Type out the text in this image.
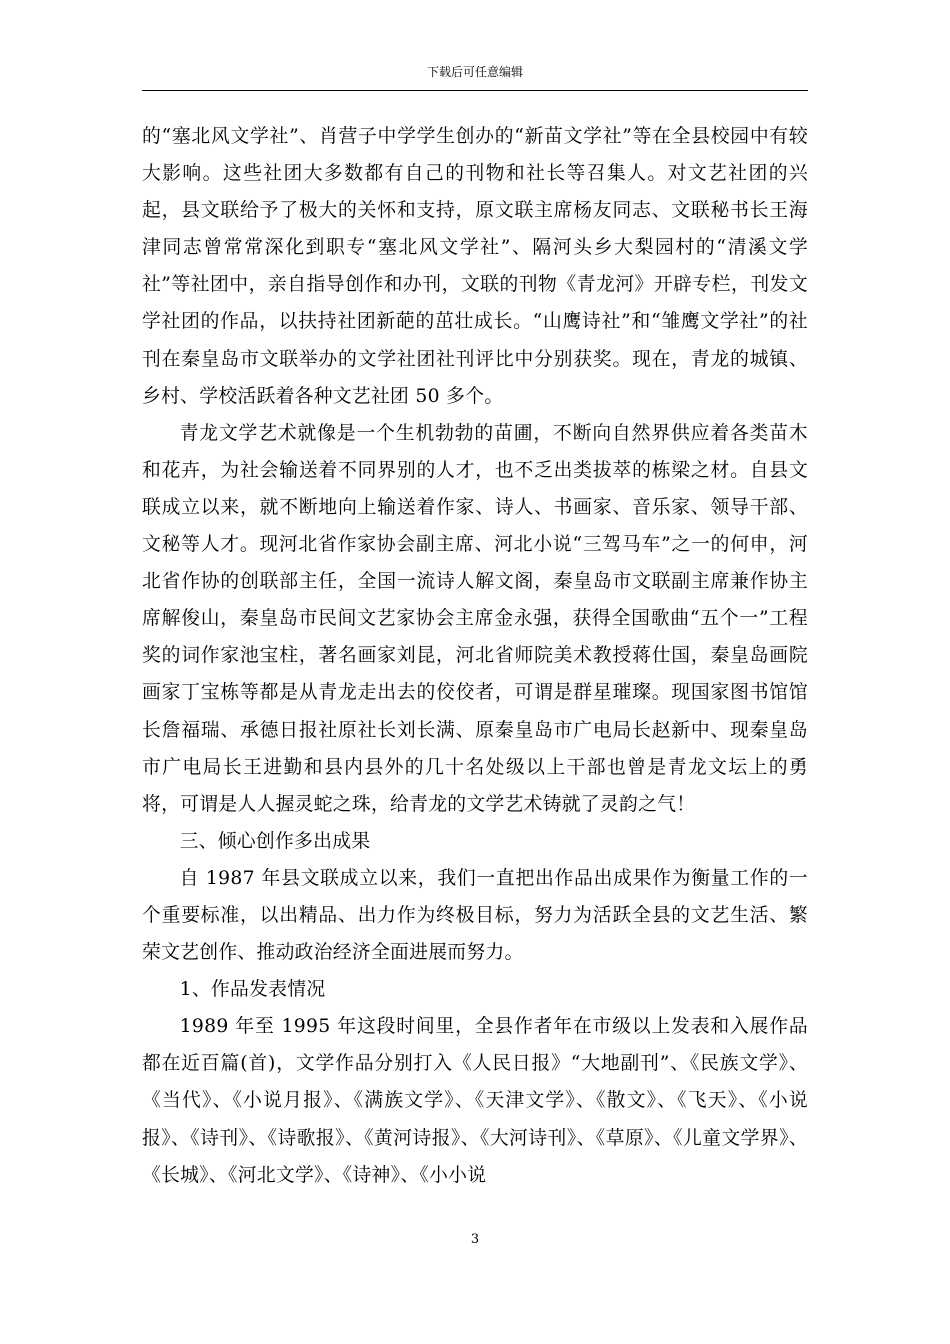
下载后可任意编辑

的“塞北风文学社”、肖营子中学学生创办的“新苗文学社”等在全县校园中有较大影响。这些社团大多数都有自己的刊物和社长等召集人。对文艺社团的兴起，县文联给予了极大的关怀和支持，原文联主席杨友同志、文联秘书长王海津同志曾常常深化到职专“塞北风文学社”、隔河头乡大梨园村的“清溪文学社”等社团中，亲自指导创作和办刊，文联的刊物《青龙河》开辟专栏，刊发文学社团的作品，以扶持社团新葩的茁壮成长。“山鹰诗社”和“雏鹰文学社”的社刊在秦皇岛市文联举办的文学社团社刊评比中分别获奖。现在，青龙的城镇、乡村、学校活跃着各种文艺社团 50 多个。

青龙文学艺术就像是一个生机勃勃的苗圃，不断向自然界供应着各类苗木和花卉，为社会输送着不同界别的人才，也不乏出类拔萃的栋梁之材。自县文联成立以来，就不断地向上输送着作家、诗人、书画家、音乐家、领导干部、文秘等人才。现河北省作家协会副主席、河北小说“三驾马车”之一的何申，河北省作协的创联部主任，全国一流诗人解文阁，秦皇岛市文联副主席兼作协主席解俊山，秦皇岛市民间文艺家协会主席金永强，获得全国歌曲“五个一”工程奖的词作家池宝柱，著名画家刘昆，河北省师院美术教授蒋仕国，秦皇岛画院画家丁宝栋等都是从青龙走出去的佼佼者，可谓是群星璀璨。现国家图书馆馆长詹福瑞、承德日报社原社长刘长满、原秦皇岛市广电局长赵新中、现秦皇岛市广电局长王进勤和县内县外的几十名处级以上干部也曾是青龙文坛上的勇将，可谓是人人握灵蛇之珠，给青龙的文学艺术铸就了灵韵之气！

三、倾心创作多出成果

自 1987 年县文联成立以来，我们一直把出作品出成果作为衡量工作的一个重要标准，以出精品、出力作为终极目标，努力为活跃全县的文艺生活、繁荣文艺创作、推动政治经济全面进展而努力。

1、作品发表情况

1989 年至 1995 年这段时间里，全县作者年在市级以上发表和入展作品都在近百篇(首)，文学作品分别打入《人民日报》“大地副刊”、《民族文学》、《当代》、《小说月报》、《满族文学》、《天津文学》、《散文》、《飞天》、《小说报》、《诗刊》、《诗歌报》、《黄河诗报》、《大河诗刊》、《草原》、《儿童文学界》、《长城》、《河北文学》、《诗神》、《小小说

3
